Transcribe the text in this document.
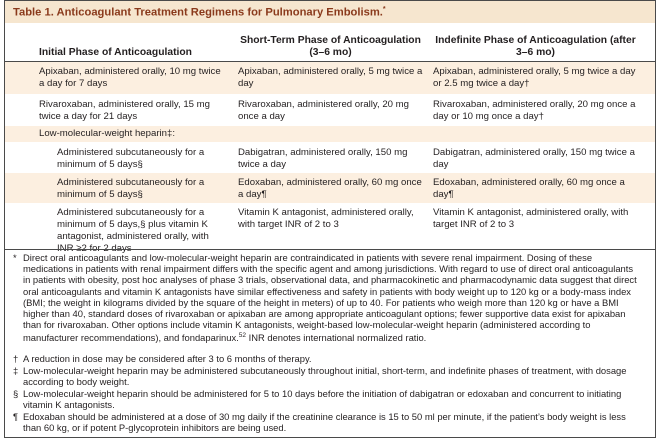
Table 1. Anticoagulant Treatment Regimens for Pulmonary Embolism.*
Initial Phase of Anticoagulation
Short-Term Phase of Anticoagulation (3–6 mo)
Indefinite Phase of Anticoagulation (after 3–6 mo)
Apixaban, administered orally, 10 mg twice a day for 7 days
Apixaban, administered orally, 5 mg twice a day
Apixaban, administered orally, 5 mg twice a day or 2.5 mg twice a day†
Rivaroxaban, administered orally, 15 mg twice a day for 21 days
Rivaroxaban, administered orally, 20 mg once a day
Rivaroxaban, administered orally, 20 mg once a day or 10 mg once a day†
Low-molecular-weight heparin‡:
Administered subcutaneously for a minimum of 5 days§
Dabigatran, administered orally, 150 mg twice a day
Dabigatran, administered orally, 150 mg twice a day
Administered subcutaneously for a minimum of 5 days§
Edoxaban, administered orally, 60 mg once a day¶
Edoxaban, administered orally, 60 mg once a day¶
Administered subcutaneously for a minimum of 5 days,§ plus vitamin K antagonist, administered orally, with INR ≥2 for 2 days
Vitamin K antagonist, administered orally, with target INR of 2 to 3
Vitamin K antagonist, administered orally, with target INR of 2 to 3
* Direct oral anticoagulants and low-molecular-weight heparin are contraindicated in patients with severe renal impairment. Dosing of these medications in patients with renal impairment differs with the specific agent and among jurisdictions. With regard to use of direct oral anticoagulants in patients with obesity, post hoc analyses of phase 3 trials, observational data, and pharmacokinetic and pharmacodynamic data suggest that direct oral anticoagulants and vitamin K antagonists have similar effectiveness and safety in patients with body weight up to 120 kg or a body-mass index (BMI; the weight in kilograms divided by the square of the height in meters) of up to 40. For patients who weigh more than 120 kg or have a BMI higher than 40, standard doses of rivaroxaban or apixaban are among appropriate anticoagulant options; fewer supportive data exist for apixaban than for rivaroxaban. Other options include vitamin K antagonists, weight-based low-molecular-weight heparin (administered according to manufacturer recommendations), and fondaparinux.$^{52}$ INR denotes international normalized ratio.
† A reduction in dose may be considered after 3 to 6 months of therapy.
‡ Low-molecular-weight heparin may be administered subcutaneously throughout initial, short-term, and indefinite phases of treatment, with dosage according to body weight.
§ Low-molecular-weight heparin should be administered for 5 to 10 days before the initiation of dabigatran or edoxaban and concurrent to initiating vitamin K antagonists.
¶ Edoxaban should be administered at a dose of 30 mg daily if the creatinine clearance is 15 to 50 ml per minute, if the patient’s body weight is less than 60 kg, or if potent P-glycoprotein inhibitors are being used.
